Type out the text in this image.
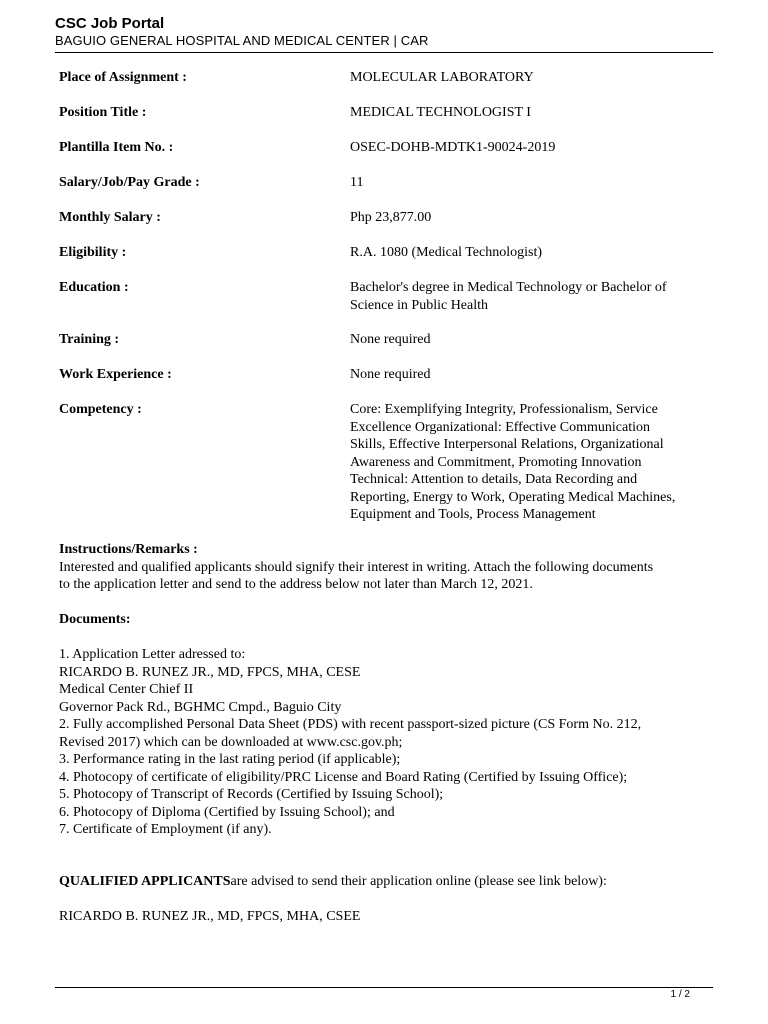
CSC Job Portal
BAGUIO GENERAL HOSPITAL AND MEDICAL CENTER | CAR
Place of Assignment :	MOLECULAR LABORATORY
Position Title :	MEDICAL TECHNOLOGIST I
Plantilla Item No. :	OSEC-DOHB-MDTK1-90024-2019
Salary/Job/Pay Grade :	11
Monthly Salary :	Php 23,877.00
Eligibility :	R.A. 1080 (Medical Technologist)
Education :	Bachelor's degree in Medical Technology or Bachelor of Science in Public Health
Training :	None required
Work Experience :	None required
Competency :	Core: Exemplifying Integrity, Professionalism, Service
Excellence Organizational: Effective Communication
Skills, Effective Interpersonal Relations, Organizational
Awareness and Commitment, Promoting Innovation
Technical: Attention to details, Data Recording and
Reporting, Energy to Work, Operating Medical Machines,
Equipment and Tools, Process Management
Instructions/Remarks :
Interested and qualified applicants should signify their interest in writing. Attach the following documents
to the application letter and send to the address below not later than March 12, 2021.
Documents:
1. Application Letter adressed to:
RICARDO B. RUNEZ JR., MD, FPCS, MHA, CESE
Medical Center Chief II
Governor Pack Rd., BGHMC Cmpd., Baguio City
2. Fully accomplished Personal Data Sheet (PDS) with recent passport-sized picture (CS Form No. 212,
Revised 2017) which can be downloaded at www.csc.gov.ph;
3. Performance rating in the last rating period (if applicable);
4. Photocopy of certificate of eligibility/PRC License and Board Rating (Certified by Issuing Office);
5. Photocopy of Transcript of Records (Certified by Issuing School);
6. Photocopy of Diploma (Certified by Issuing School); and
7. Certificate of Employment (if any).
QUALIFIED APPLICANTSare advised to send their application online (please see link below):
RICARDO B. RUNEZ JR., MD, FPCS, MHA, CSEE
1 / 2
